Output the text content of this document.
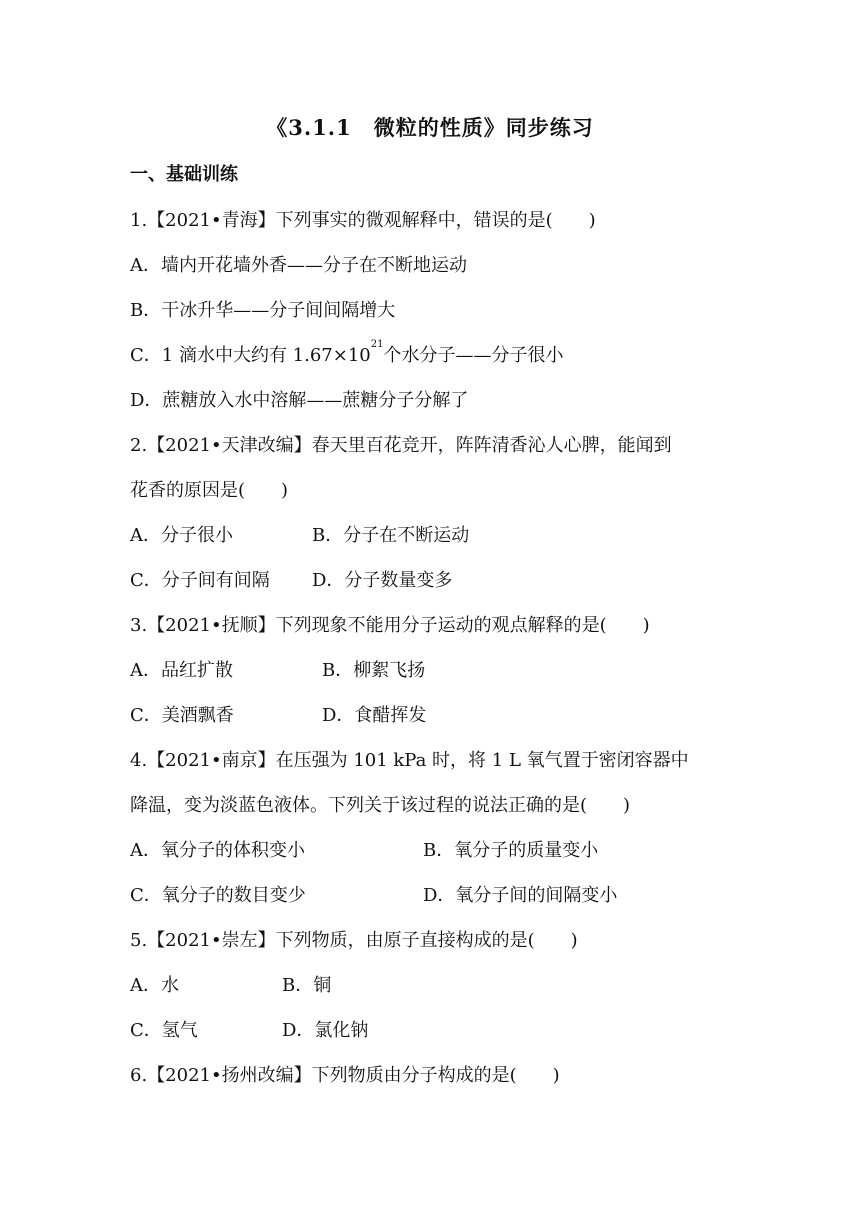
《3.1.1　微粒的性质》同步练习
一、基础训练
1.【2021•青海】下列事实的微观解释中，错误的是(　　)
A．墙内开花墙外香——分子在不断地运动
B．干冰升华——分子间间隔增大
C．1 滴水中大约有 $1.67\times 10^{21}$个水分子——分子很小
D．蔗糖放入水中溶解——蔗糖分子分解了
2.【2021•天津改编】春天里百花竞开，阵阵清香沁人心脾，能闻到
花香的原因是(　　)
A．分子很小	B．分子在不断运动
C．分子间有间隔 D．分子数量变多
3.【2021•抚顺】下列现象不能用分子运动的观点解释的是(　　)
A．品红扩散	B．柳絮飞扬
C．美酒飘香	D．食醋挥发
4.【2021•南京】在压强为 101 kPa 时，将 1 L 氧气置于密闭容器中
降温，变为淡蓝色液体。下列关于该过程的说法正确的是(　　)
A．氧分子的体积变小	B．氧分子的质量变小
C．氧分子的数目变少	D．氧分子间的间隔变小
5.【2021•崇左】下列物质，由原子直接构成的是(　　)
A．水	B．铜
C．氢气	D．氯化钠
6.【2021•扬州改编】下列物质由分子构成的是(　　)
